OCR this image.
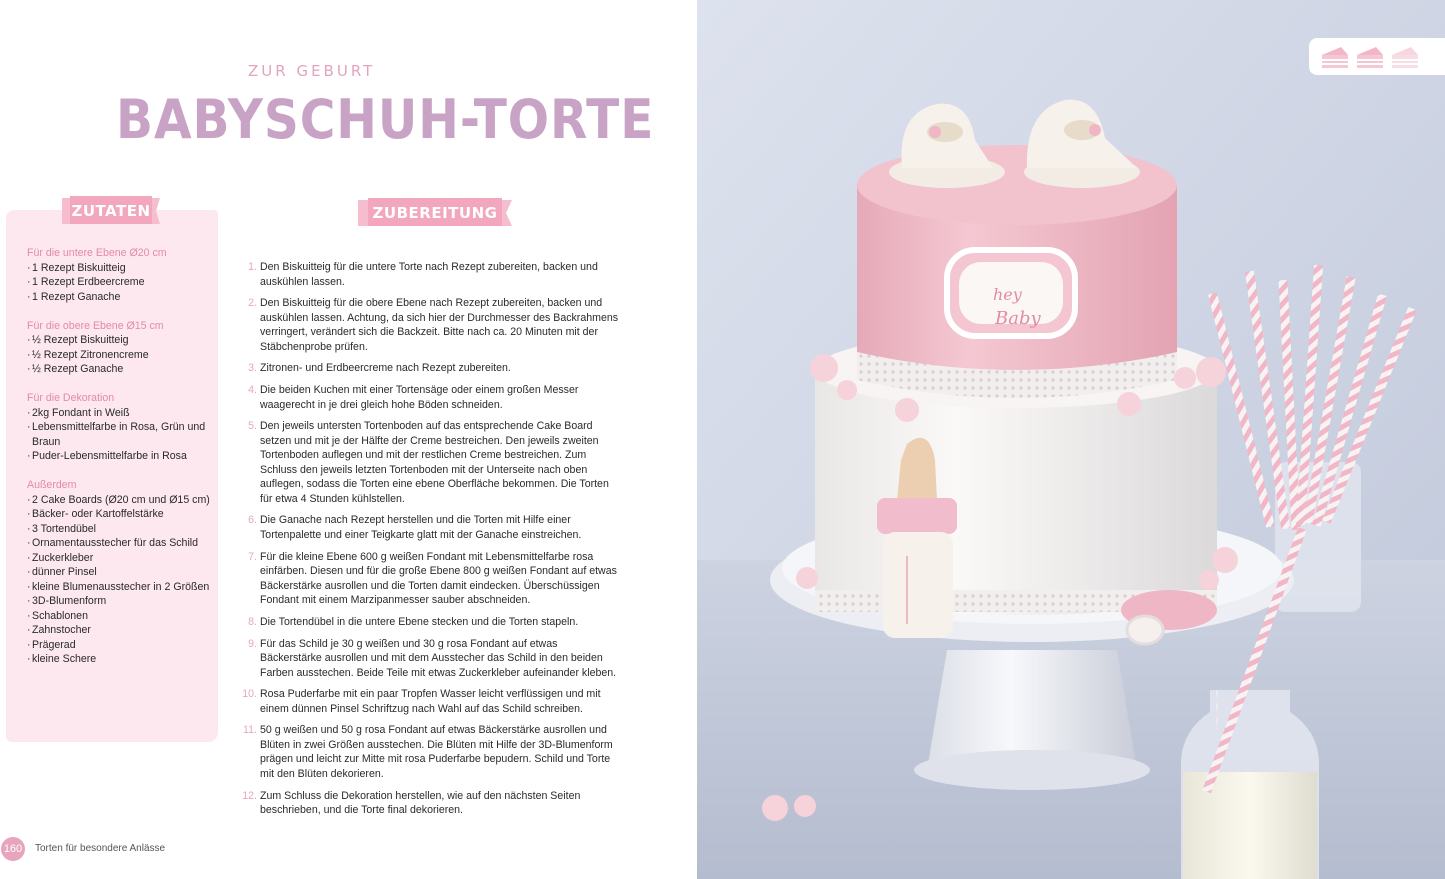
ZUR GEBURT
BABYSCHUH-TORTE
ZUTATEN	ZUBEREITUNG
Für die untere Ebene Ø20 cm
· 1 Rezept Biskuitteig
· 1 Rezept Erdbeercreme
· 1 Rezept Ganache
Für die obere Ebene Ø15 cm
· ½ Rezept Biskuitteig
· ½ Rezept Zitronencreme
· ½ Rezept Ganache
Für die Dekoration
· 2kg Fondant in Weiß
· Lebensmittelfarbe in Rosa, Grün und Braun
· Puder-Lebensmittelfarbe in Rosa
Außerdem
· 2 Cake Boards (Ø20 cm und Ø15 cm)
· Bäcker- oder Kartoffelstärke
· 3 Tortendübel
· Ornamentausstecher für das Schild
· Zuckerkleber
· dünner Pinsel
· kleine Blumenausstecher in 2 Größen
· 3D-Blumenform
· Schablonen
· Zahnstocher
· Prägerad
· kleine Schere
1. Den Biskuitteig für die untere Torte nach Rezept zubereiten, backen und auskühlen lassen.
2. Den Biskuitteig für die obere Ebene nach Rezept zubereiten, backen und auskühlen lassen. Achtung, da sich hier der Durchmesser des Backrahmens verringert, verändert sich die Backzeit. Bitte nach ca. 20 Minuten mit der Stäbchenprobe prüfen.
3. Zitronen- und Erdbeercreme nach Rezept zubereiten.
4. Die beiden Kuchen mit einer Tortensäge oder einem großen Messer waagerecht in je drei gleich hohe Böden schneiden.
5. Den jeweils untersten Tortenboden auf das entsprechende Cake Board setzen und mit je der Hälfte der Creme bestreichen. Den jeweils zweiten Tortenboden auflegen und mit der restlichen Creme bestreichen. Zum Schluss den jeweils letzten Tortenboden mit der Unterseite nach oben auflegen, sodass die Torten eine ebene Oberfläche bekommen. Die Torten für etwa 4 Stunden kühlstellen.
6. Die Ganache nach Rezept herstellen und die Torten mit Hilfe einer Tortenpalette und einer Teigkarte glatt mit der Ganache einstreichen.
7. Für die kleine Ebene 600 g weißen Fondant mit Lebensmittelfarbe rosa einfärben. Diesen und für die große Ebene 800 g weißen Fondant auf etwas Bäckerstärke ausrollen und die Torten damit eindecken. Überschüssigen Fondant mit einem Marzipanmesser sauber abschneiden.
8. Die Tortendübel in die untere Ebene stecken und die Torten stapeln.
9. Für das Schild je 30 g weißen und 30 g rosa Fondant auf etwas Bäckerstärke ausrollen und mit dem Ausstecher das Schild in den beiden Farben ausstechen. Beide Teile mit etwas Zuckerkleber aufeinander kleben.
10. Rosa Puderfarbe mit ein paar Tropfen Wasser leicht verflüssigen und mit einem dünnen Pinsel Schriftzug nach Wahl auf das Schild schreiben.
11. 50 g weißen und 50 g rosa Fondant auf etwas Bäckerstärke ausrollen und Blüten in zwei Größen ausstechen. Die Blüten mit Hilfe der 3D-Blumenform prägen und leicht zur Mitte mit rosa Puderfarbe bepudern. Schild und Torte mit den Blüten dekorieren.
12. Zum Schluss die Dekoration herstellen, wie auf den nächsten Seiten beschrieben, und die Torte final dekorieren.
160 Torten für besondere Anlässe
hey
Baby
